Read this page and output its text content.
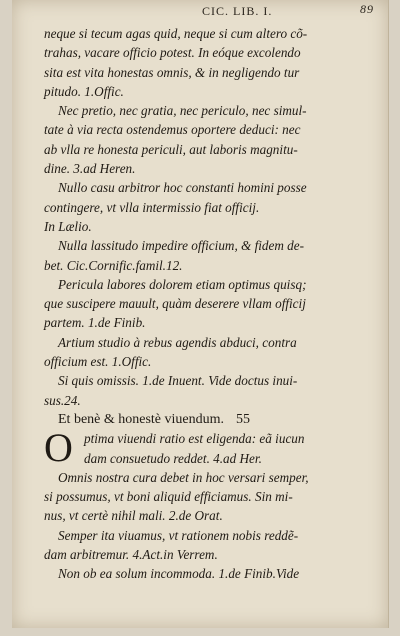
CIC. LIB. I.	89
neque si tecum agas quid, neque si cum altero cõ-
trahas, vacare officio potest. In eóque excolendo
sita est vita honestas omnis, & in negligendo tur
pitudo. 1.Offic.
Nec pretio, nec gratia, nec periculo, nec simul-
tate à via recta ostendemus oportere deduci: nec
ab vlla re honesta periculi, aut laboris magnitu-
dine. 3.ad Heren.
Nullo casu arbitror hoc constanti homini posse
contingere, vt vlla intermissio fiat officij.
In Lælio.
Nulla lassitudo impedire officium, & fidem de-
bet. Cic.Cornific.famil.12.
Pericula labores dolorem etiam optimus quisq;
que suscipere mauult, quàm deserere vllam officij
partem. 1.de Finib.
Artium studio à rebus agendis abduci, contra
officium est. 1.Offic.
Si quis omissis. 1.de Inuent. Vide doctus inui-
sus.24.
Et benè & honestè viuendum. 55
O ptima viuendi ratio est eligenda: eã iucun
dam consuetudo reddet. 4.ad Her.
Omnis nostra cura debet in hoc versari semper,
si possumus, vt boni aliquid efficiamus. Sin mi-
nus, vt certè nihil mali. 2.de Orat.
Semper ita viuamus, vt rationem nobis reddẽ-
dam arbitremur. 4.Act.in Verrem.
Non ob ea solum incommoda. 1.de Finib.Vide
